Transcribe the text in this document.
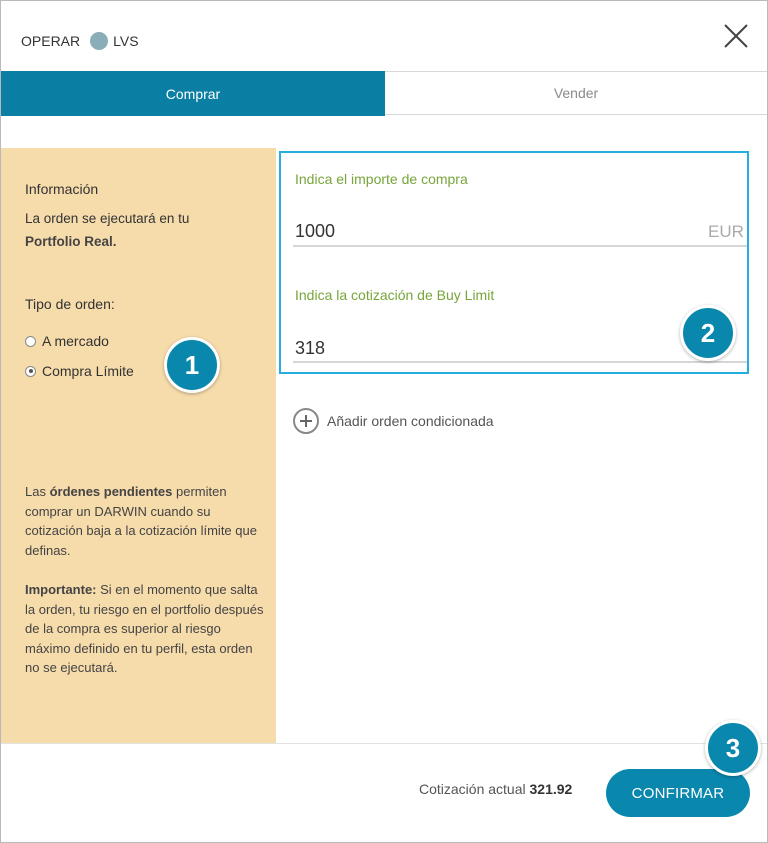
OPERAR LVS
Comprar	Vender
Información
La orden se ejecutará en tu
Portfolio Real.
Tipo de orden:
A mercado
Compra Límite
Las órdenes pendientes permiten comprar un DARWIN cuando su cotización baja a la cotización límite que definas.
Importante: Si en el momento que salta la orden, tu riesgo en el portfolio después de la compra es superior al riesgo máximo definido en tu perfil, esta orden no se ejecutará.
Indica el importe de compra
1000	EUR
Indica la cotización de Buy Limit
318
Añadir orden condicionada
Cotización actual 321.92	CONFIRMAR
1
2
3
